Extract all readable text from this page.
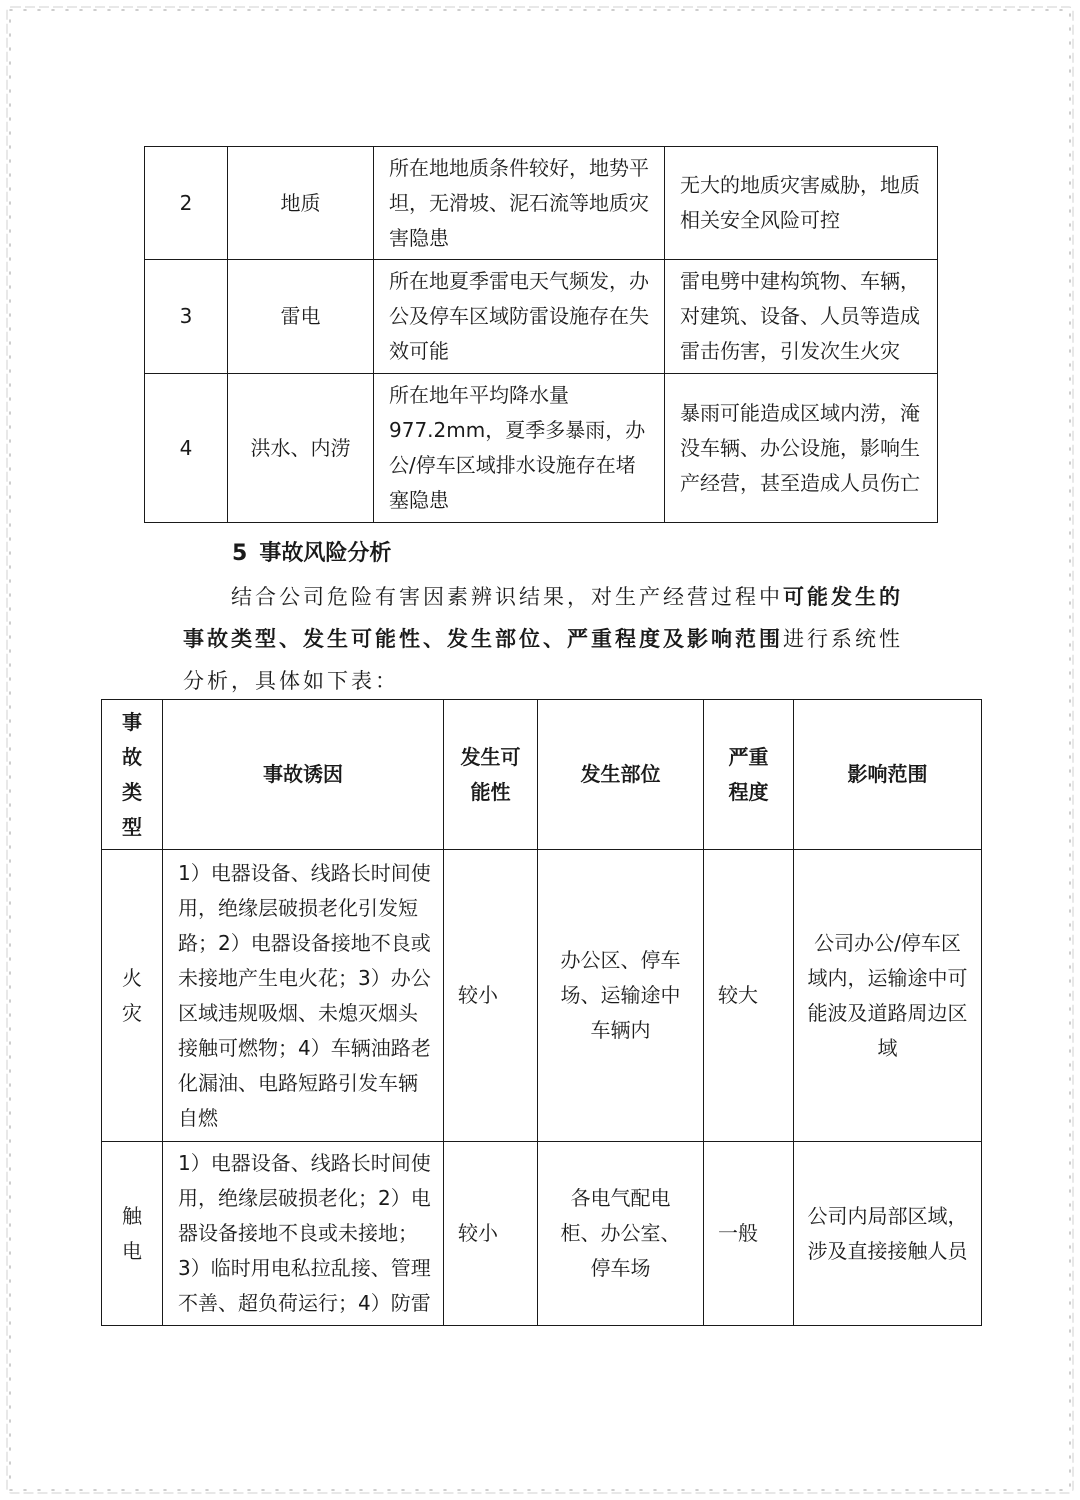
2	地质	所在地地质条件较好，地势平坦，无滑坡、泥石流等地质灾害隐患	无大的地质灾害威胁，地质相关安全风险可控
3	雷电	所在地夏季雷电天气频发，办公及停车区域防雷设施存在失效可能	雷电劈中建构筑物、车辆，对建筑、设备、人员等造成雷击伤害，引发次生火灾
4	洪水、内涝	所在地年平均降水量977.2mm，夏季多暴雨，办公/停车区域排水设施存在堵塞隐患	暴雨可能造成区域内涝，淹没车辆、办公设施，影响生产经营，甚至造成人员伤亡
5 事故风险分析

结合公司危险有害因素辨识结果，对生产经营过程中可能发生的事故类型、发生可能性、发生部位、严重程度及影响范围进行系统性分析，具体如下表：

事故类型	事故诱因	发生可能性	发生部位	严重程度	影响范围
火灾	1）电器设备、线路长时间使用，绝缘层破损老化引发短路；2）电器设备接地不良或未接地产生电火花；3）办公区域违规吸烟、未熄灭烟头接触可燃物；4）车辆油路老化漏油、电路短路引发车辆自燃	较小	办公区、停车场、运输途中车辆内	较大	公司办公/停车区域内，运输途中可能波及道路周边区域
触电	1）电器设备、线路长时间使用，绝缘层破损老化；2）电器设备接地不良或未接地；3）临时用电私拉乱接、管理不善、超负荷运行；4）防雷	较小	各电气配电柜、办公室、停车场	一般	公司内局部区域，涉及直接接触人员
